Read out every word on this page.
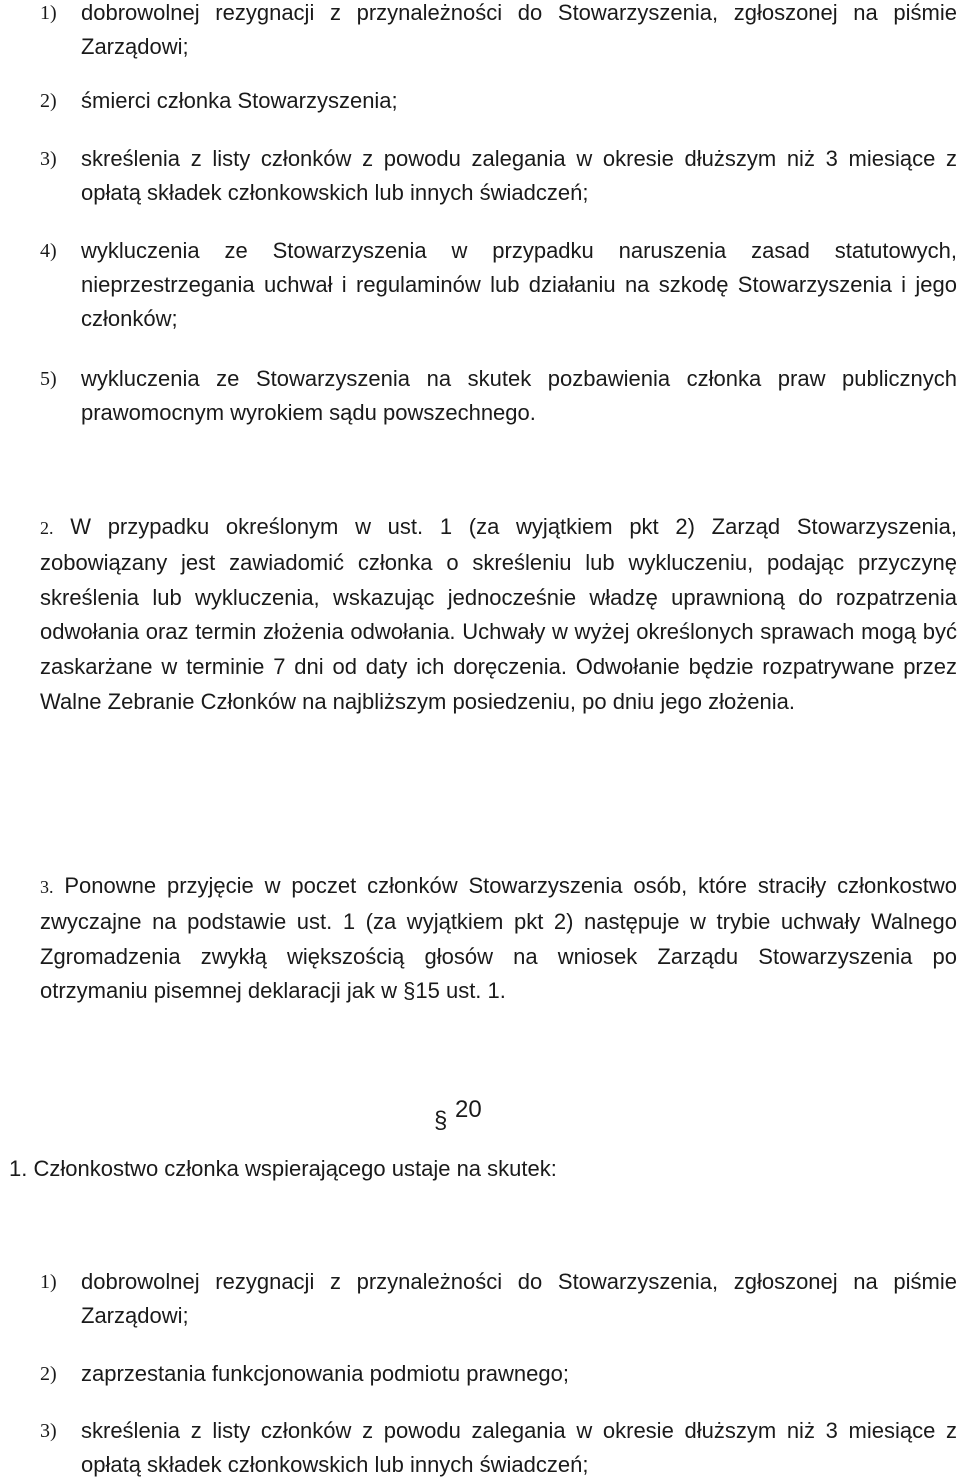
1) dobrowolnej rezygnacji z przynależności do Stowarzyszenia, zgłoszonej na piśmie Zarządowi;
2) śmierci członka Stowarzyszenia;
3) skreślenia z listy członków z powodu zalegania w okresie dłuższym niż 3 miesiące z opłatą składek członkowskich lub innych świadczeń;
4) wykluczenia ze Stowarzyszenia w przypadku naruszenia zasad statutowych, nieprzestrzegania uchwał i regulaminów lub działaniu na szkodę Stowarzyszenia i jego członków;
5) wykluczenia ze Stowarzyszenia na skutek pozbawienia członka praw publicznych prawomocnym wyrokiem sądu powszechnego.
2. W przypadku określonym w ust. 1 (za wyjątkiem pkt 2) Zarząd Stowarzyszenia, zobowiązany jest zawiadomić członka o skreśleniu lub wykluczeniu, podając przyczynę skreślenia lub wykluczenia, wskazując jednocześnie władzę uprawnioną do rozpatrzenia odwołania oraz termin złożenia odwołania. Uchwały w wyżej określonych sprawach mogą być zaskarżane w terminie 7 dni od daty ich doręczenia. Odwołanie będzie rozpatrywane przez Walne Zebranie Członków na najbliższym posiedzeniu, po dniu jego złożenia.
3. Ponowne przyjęcie w poczet członków Stowarzyszenia osób, które straciły członkostwo zwyczajne na podstawie ust. 1 (za wyjątkiem pkt 2) następuje w trybie uchwały Walnego Zgromadzenia zwykłą większością głosów na wniosek Zarządu Stowarzyszenia po otrzymaniu pisemnej deklaracji jak w §15 ust. 1.
§ 20
1. Członkostwo członka wspierającego ustaje na skutek:
1) dobrowolnej rezygnacji z przynależności do Stowarzyszenia, zgłoszonej na piśmie Zarządowi;
2) zaprzestania funkcjonowania podmiotu prawnego;
3) skreślenia z listy członków z powodu zalegania w okresie dłuższym niż 3 miesiące z opłatą składek członkowskich lub innych świadczeń;
